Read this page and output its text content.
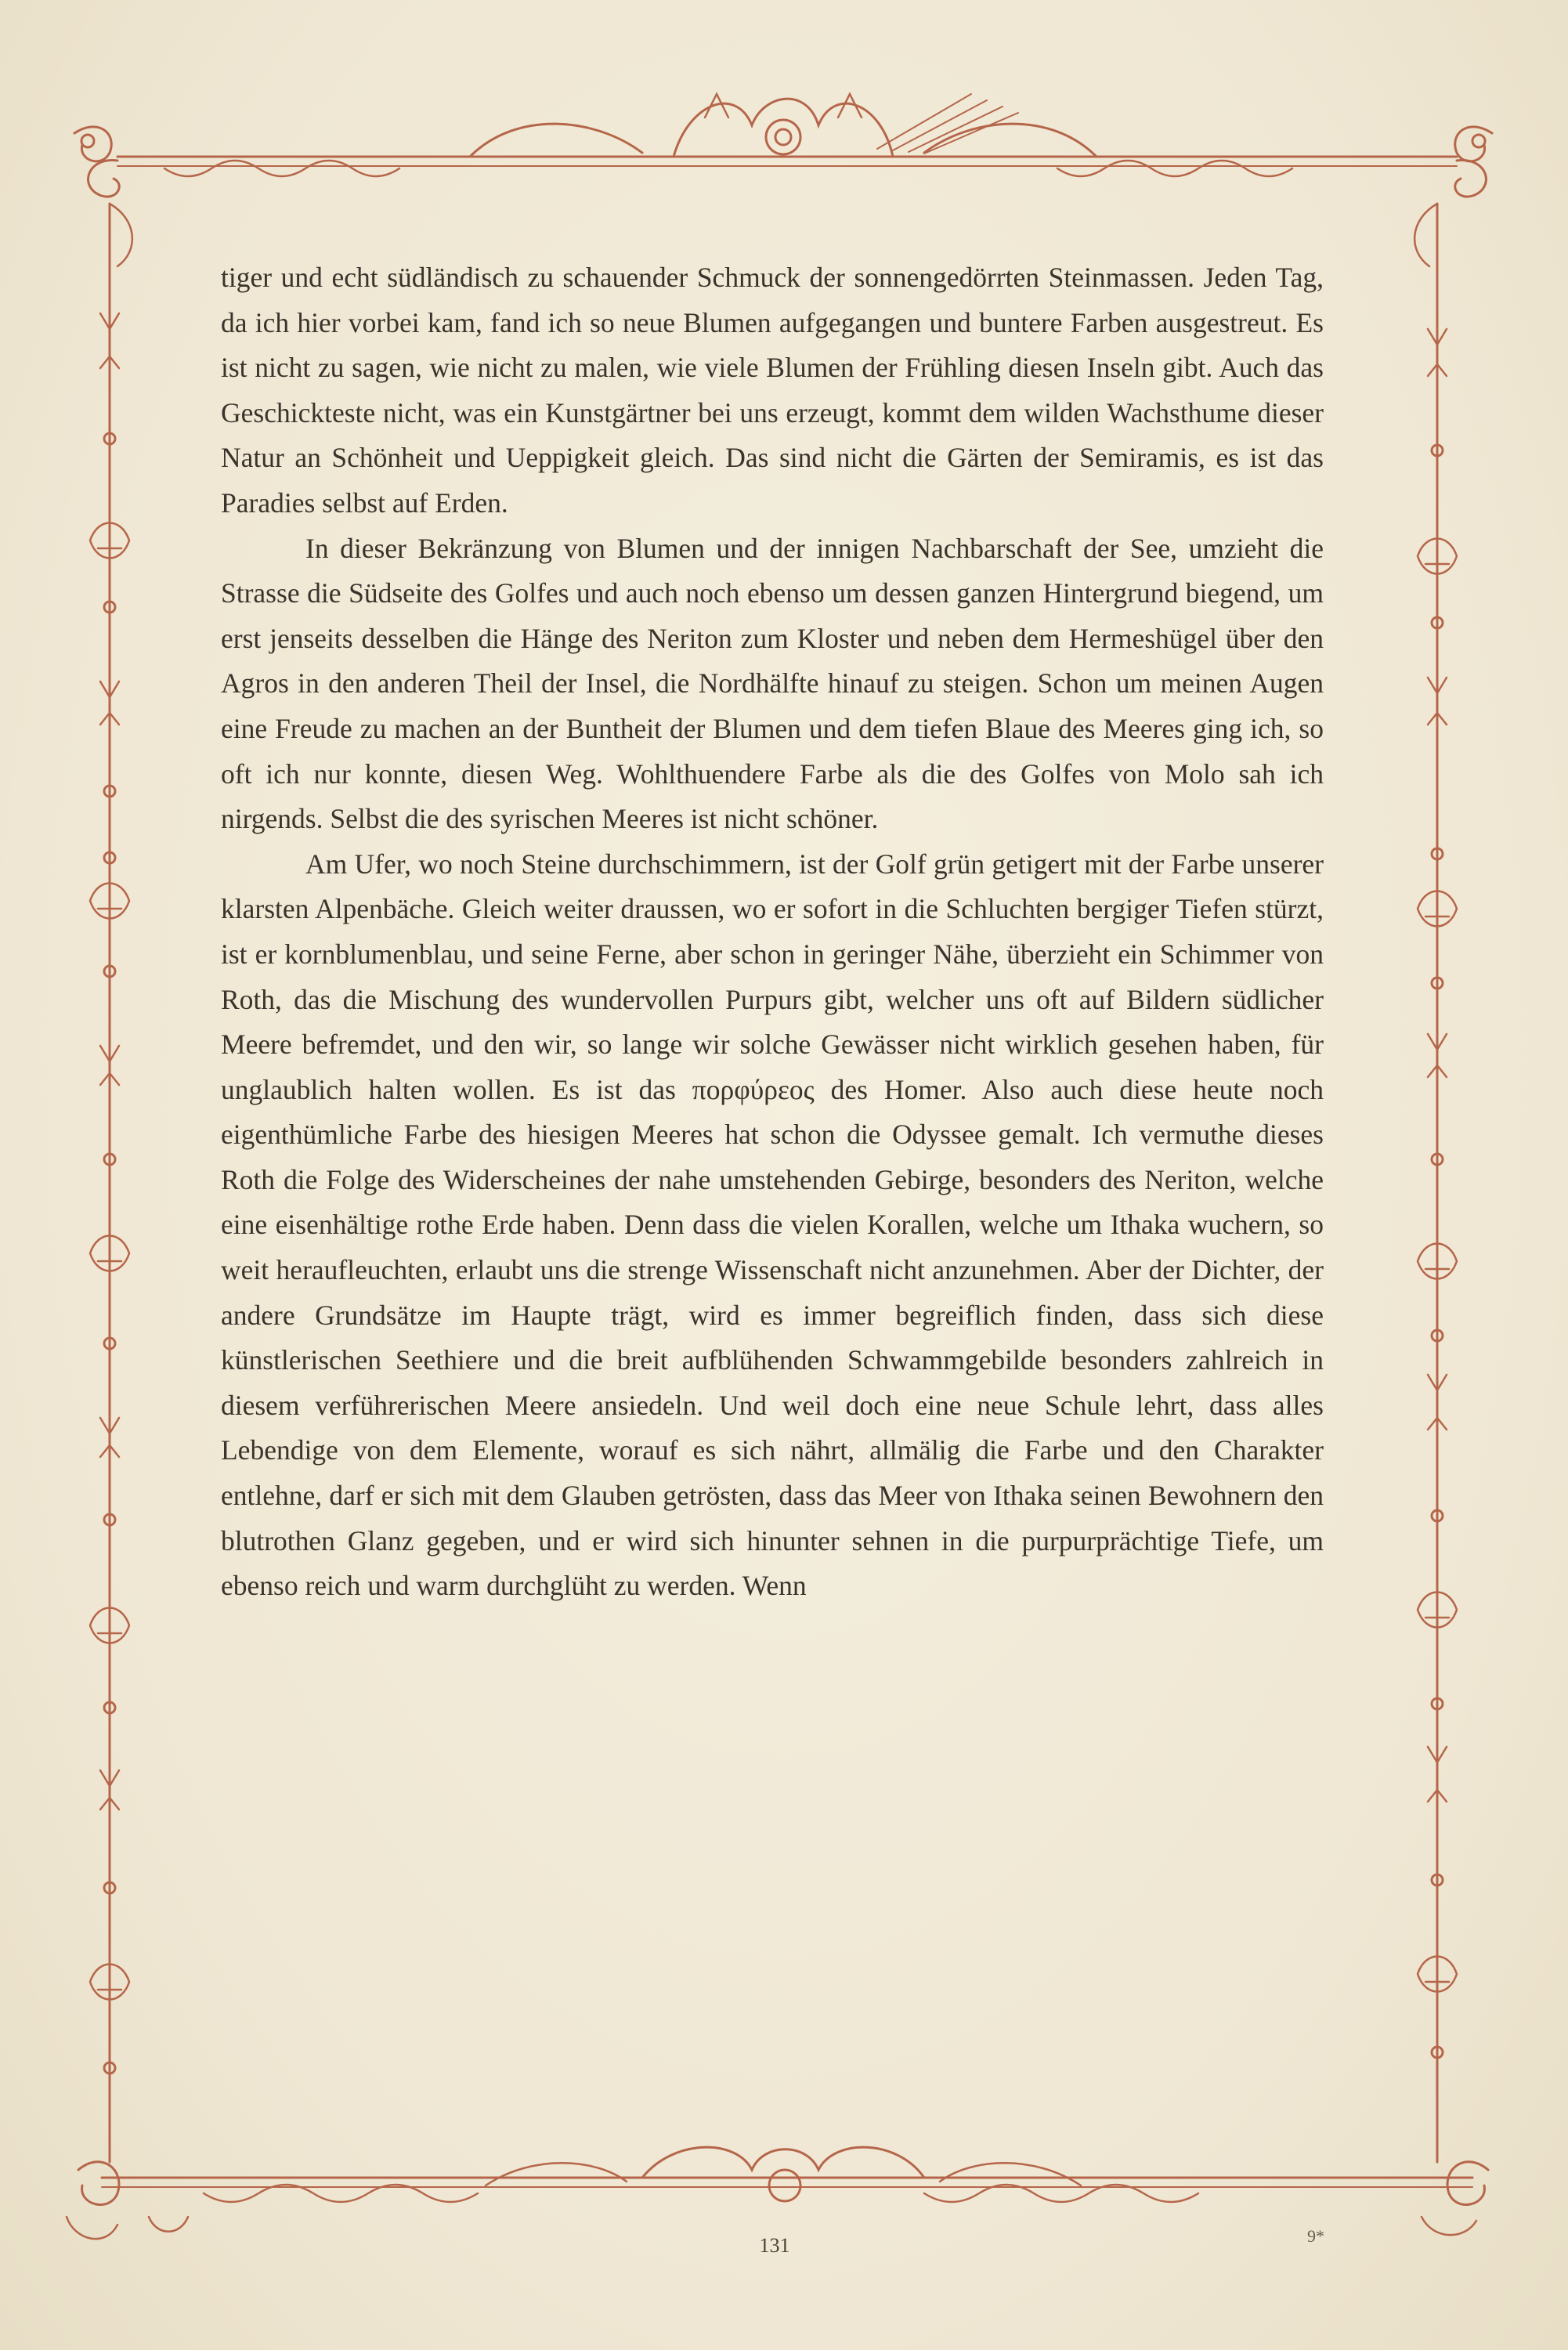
tiger und echt südländisch zu schauender Schmuck der sonnengedörrten Steinmassen. Jeden Tag, da ich hier vorbei kam, fand ich so neue Blumen aufgegangen und buntere Farben ausgestreut. Es ist nicht zu sagen, wie nicht zu malen, wie viele Blumen der Frühling diesen Inseln gibt. Auch das Geschickteste nicht, was ein Kunstgärtner bei uns erzeugt, kommt dem wilden Wachsthume dieser Natur an Schönheit und Ueppigkeit gleich. Das sind nicht die Gärten der Semiramis, es ist das Paradies selbst auf Erden.

In dieser Bekränzung von Blumen und der innigen Nachbarschaft der See, umzieht die Strasse die Südseite des Golfes und auch noch ebenso um dessen ganzen Hintergrund biegend, um erst jenseits desselben die Hänge des Neriton zum Kloster und neben dem Hermeshügel über den Agros in den anderen Theil der Insel, die Nordhälfte hinauf zu steigen. Schon um meinen Augen eine Freude zu machen an der Buntheit der Blumen und dem tiefen Blaue des Meeres ging ich, so oft ich nur konnte, diesen Weg. Wohlthuendere Farbe als die des Golfes von Molo sah ich nirgends. Selbst die des syrischen Meeres ist nicht schöner.

Am Ufer, wo noch Steine durchschimmern, ist der Golf grün getigert mit der Farbe unserer klarsten Alpenbäche. Gleich weiter draussen, wo er sofort in die Schluchten bergiger Tiefen stürzt, ist er kornblumenblau, und seine Ferne, aber schon in geringer Nähe, überzieht ein Schimmer von Roth, das die Mischung des wundervollen Purpurs gibt, welcher uns oft auf Bildern südlicher Meere befremdet, und den wir, so lange wir solche Gewässer nicht wirklich gesehen haben, für unglaublich halten wollen. Es ist das πορφύρεος des Homer. Also auch diese heute noch eigenthümliche Farbe des hiesigen Meeres hat schon die Odyssee gemalt. Ich vermuthe dieses Roth die Folge des Widerscheines der nahe umstehenden Gebirge, besonders des Neriton, welche eine eisenhältige rothe Erde haben. Denn dass die vielen Korallen, welche um Ithaka wuchern, so weit heraufleuchten, erlaubt uns die strenge Wissenschaft nicht anzunehmen. Aber der Dichter, der andere Grundsätze im Haupte trägt, wird es immer begreiflich finden, dass sich diese künstlerischen Seethiere und die breit aufblühenden Schwammgebilde besonders zahlreich in diesem verführerischen Meere ansiedeln. Und weil doch eine neue Schule lehrt, dass alles Lebendige von dem Elemente, worauf es sich nährt, allmälig die Farbe und den Charakter entlehne, darf er sich mit dem Glauben getrösten, dass das Meer von Ithaka seinen Bewohnern den blutrothen Glanz gegeben, und er wird sich hinunter sehnen in die purpurprächtige Tiefe, um ebenso reich und warm durchglüht zu werden. Wenn

131	9*
